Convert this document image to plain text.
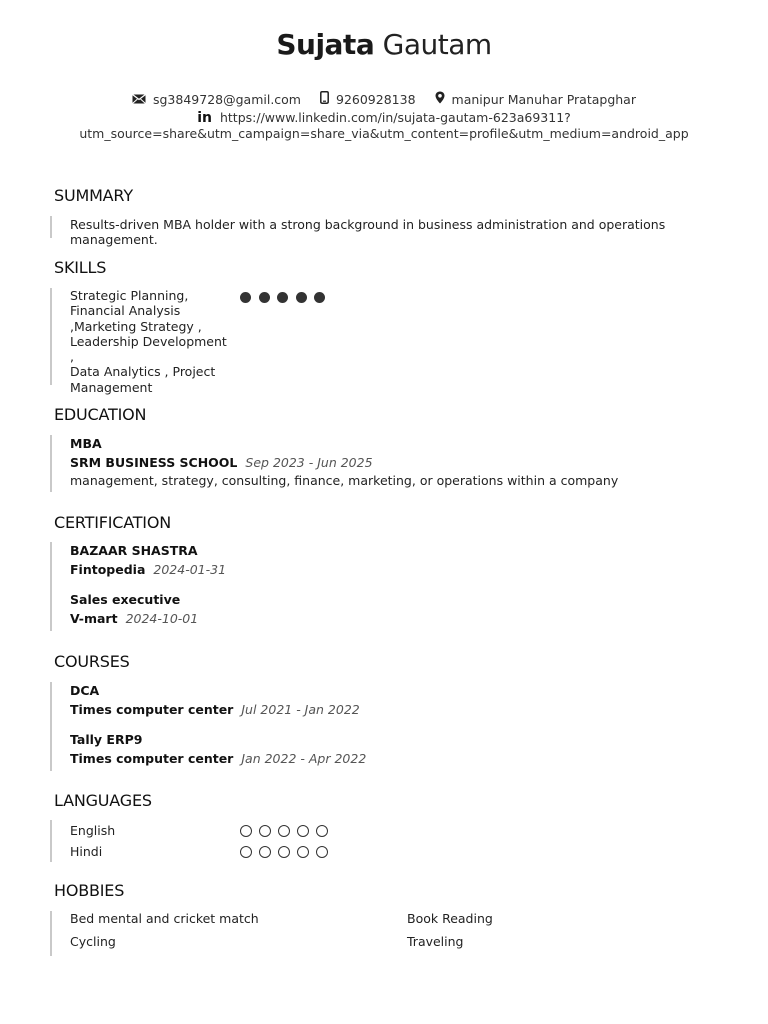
Sujata Gautam
sg3849728@gamil.com	9260928138	manipur Manuhar Pratapghar
in https://www.linkedin.com/in/sujata-gautam-623a69311?
utm_source=share&utm_campaign=share_via&utm_content=profile&utm_medium=android_app
SUMMARY
Results-driven MBA holder with a strong background in business administration and operations management.
SKILLS
Strategic Planning,
Financial Analysis
,Marketing Strategy ,
Leadership Development ,
Data Analytics , Project
Management
EDUCATION
MBA
SRM BUSINESS SCHOOL Sep 2023 - Jun 2025
management, strategy, consulting, finance, marketing, or operations within a company
CERTIFICATION
BAZAAR SHASTRA
Fintopedia 2024-01-31
Sales executive
V-mart 2024-10-01
COURSES
DCA
Times computer center Jul 2021 - Jan 2022
Tally ERP9
Times computer center Jan 2022 - Apr 2022
LANGUAGES
English
Hindi
HOBBIES
Bed mental and cricket match	Book Reading
Cycling	Traveling
